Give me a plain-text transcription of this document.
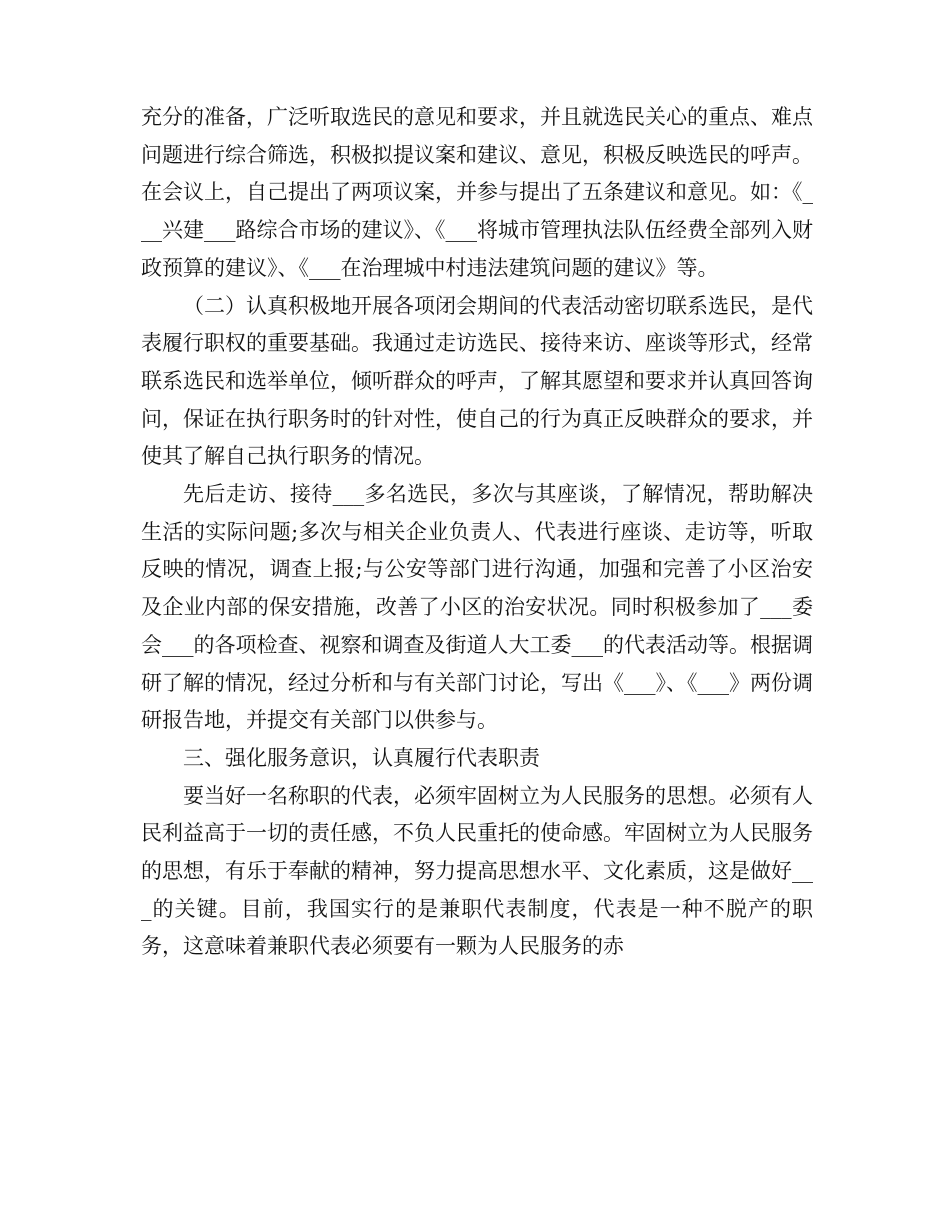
充分的准备，广泛听取选民的意见和要求，并且就选民关心的重点、难点问题进行综合筛选，积极拟提议案和建议、意见，积极反映选民的呼声。在会议上，自己提出了两项议案，并参与提出了五条建议和意见。如：《___兴建___路综合市场的建议》、《___将城市管理执法队伍经费全部列入财政预算的建议》、《___在治理城中村违法建筑问题的建议》等。

（二）认真积极地开展各项闭会期间的代表活动密切联系选民，是代表履行职权的重要基础。我通过走访选民、接待来访、座谈等形式，经常联系选民和选举单位，倾听群众的呼声，了解其愿望和要求并认真回答询问，保证在执行职务时的针对性，使自己的行为真正反映群众的要求，并使其了解自己执行职务的情况。

先后走访、接待___多名选民，多次与其座谈，了解情况，帮助解决生活的实际问题;多次与相关企业负责人、代表进行座谈、走访等，听取反映的情况，调查上报;与公安等部门进行沟通，加强和完善了小区治安及企业内部的保安措施，改善了小区的治安状况。同时积极参加了___委会___的各项检查、视察和调查及街道人大工委___的代表活动等。根据调研了解的情况，经过分析和与有关部门讨论，写出《___》、《___》两份调研报告地，并提交有关部门以供参与。

三、强化服务意识，认真履行代表职责

要当好一名称职的代表，必须牢固树立为人民服务的思想。必须有人民利益高于一切的责任感，不负人民重托的使命感。牢固树立为人民服务的思想，有乐于奉献的精神，努力提高思想水平、文化素质，这是做好___的关键。目前，我国实行的是兼职代表制度，代表是一种不脱产的职务，这意味着兼职代表必须要有一颗为人民服务的赤
